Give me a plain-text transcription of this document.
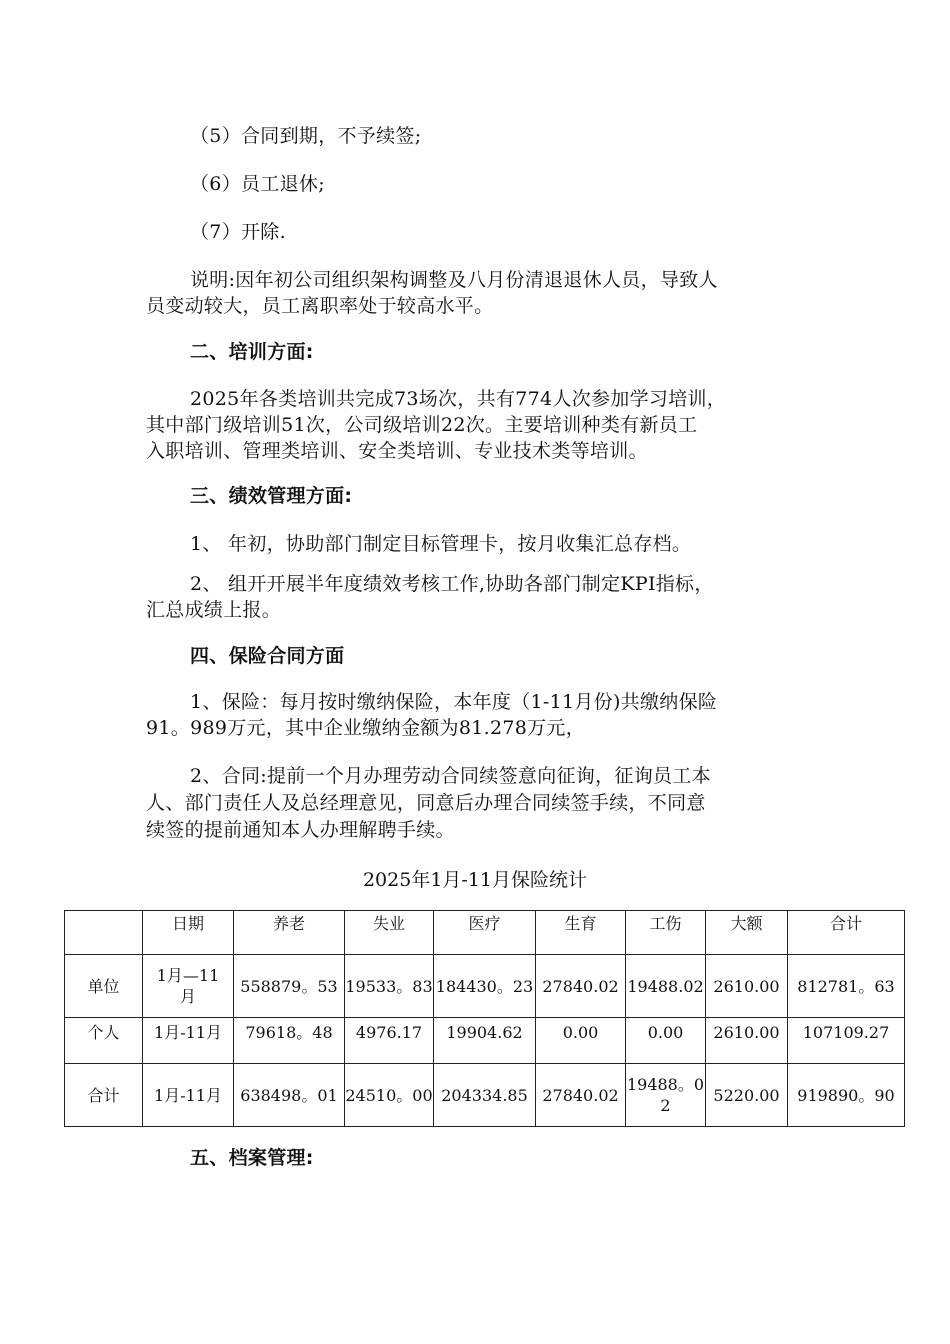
（5）合同到期，不予续签;
（6）员工退休;
（7）开除.
说明:因年初公司组织架构调整及八月份清退退休人员，导致人
员变动较大，员工离职率处于较高水平。
二、培训方面:
2025年各类培训共完成73场次，共有774人次参加学习培训，
其中部门级培训51次，公司级培训22次。主要培训种类有新员工
入职培训、管理类培训、安全类培训、专业技术类等培训。
三、绩效管理方面:
1、 年初，协助部门制定目标管理卡，按月收集汇总存档。
2、 组开开展半年度绩效考核工作,协助各部门制定KPI指标，
汇总成绩上报。
四、保险合同方面
1、保险：每月按时缴纳保险，本年度（1-11月份)共缴纳保险
91。989万元，其中企业缴纳金额为81.278万元，
2、合同:提前一个月办理劳动合同续签意向征询，征询员工本
人、部门责任人及总经理意见，同意后办理合同续签手续，不同意
续签的提前通知本人办理解聘手续。
2025年1月-11月保险统计
	日期	养老	失业	医疗	生育	工伤	大额	合计
单位	1月—11月	558879。53	19533。83	184430。23	27840.02	19488.02	2610.00	812781。63
个人	1月-11月	79618。48	4976.17	19904.62	0.00	0.00	2610.00	107109.27
合计	1月-11月	638498。01	24510。00	204334.85	27840.02	19488。02	5220.00	919890。90
五、档案管理:
